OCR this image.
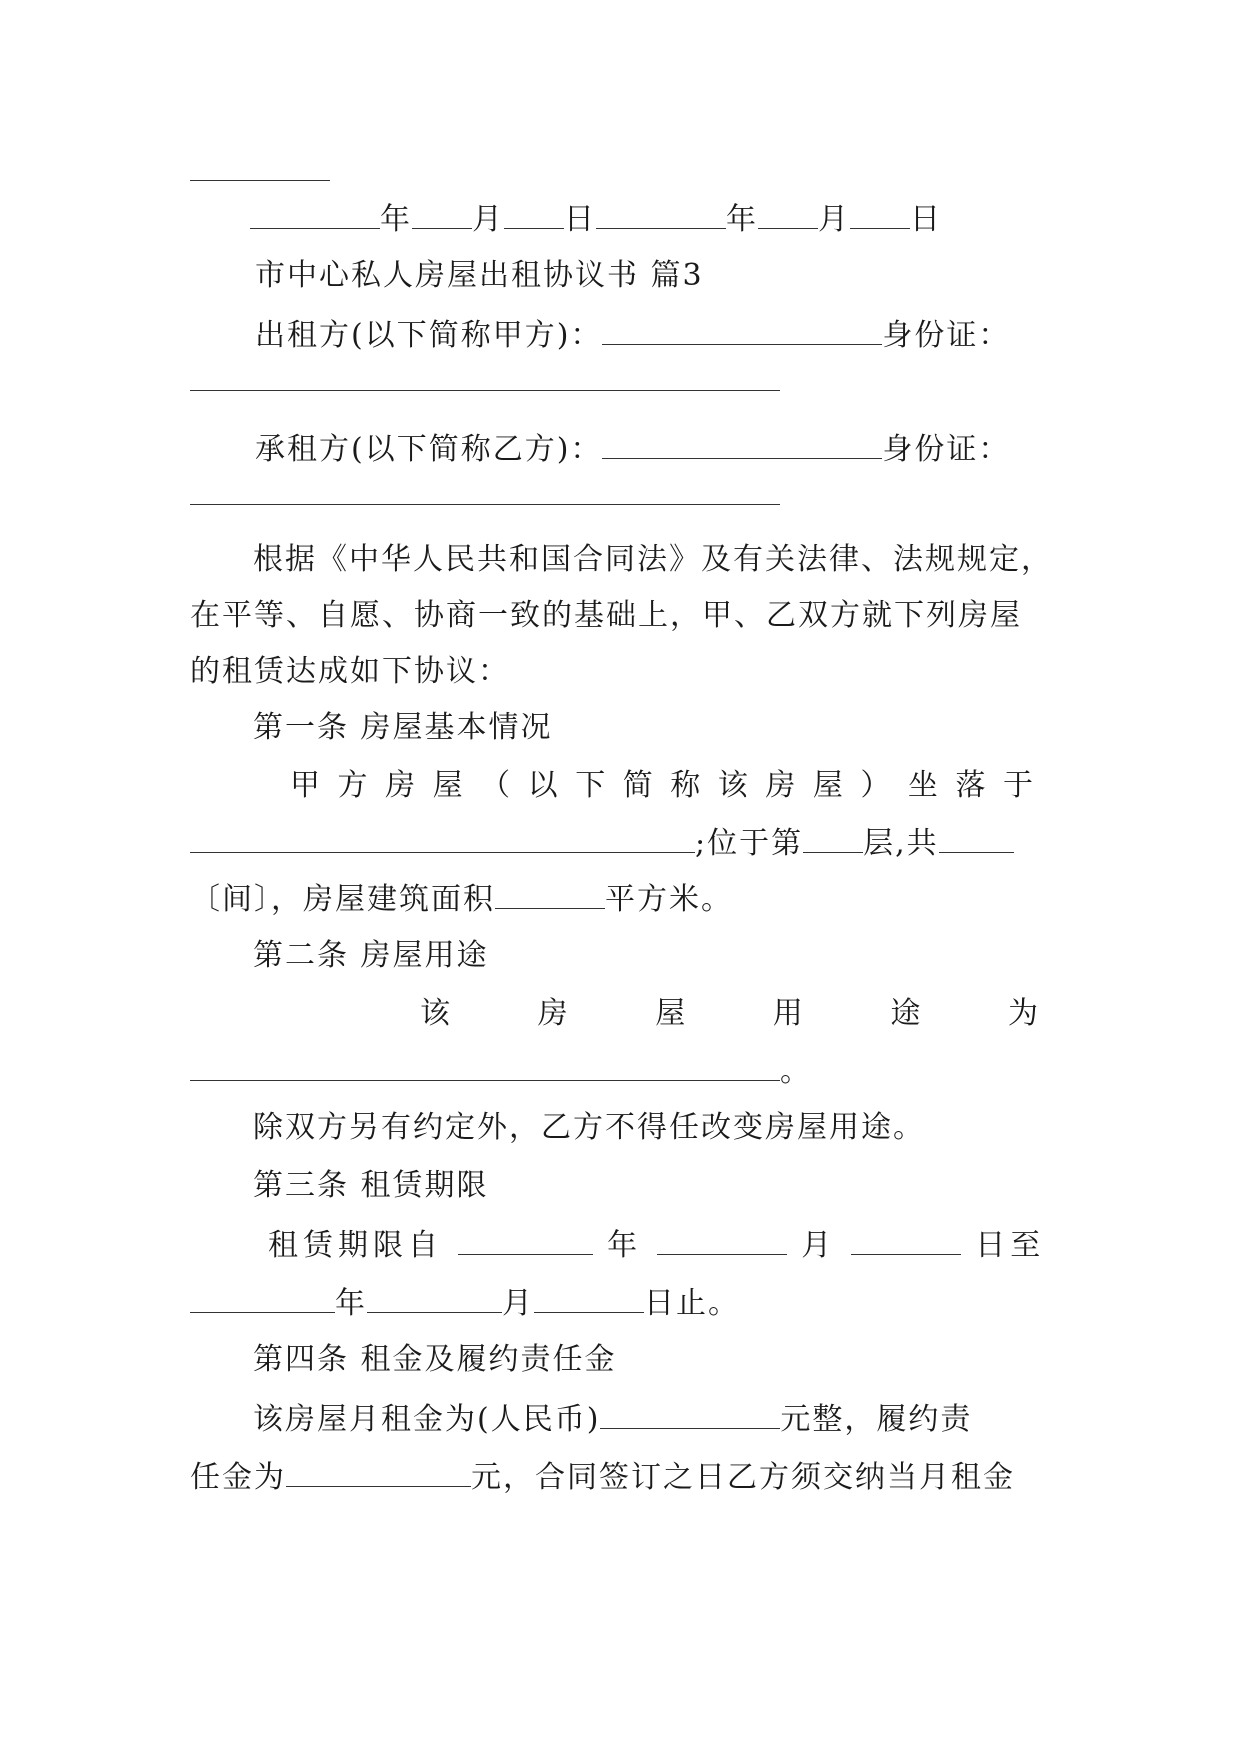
年 月 日	年 月 日
市中心私人房屋出租协议书 篇3
出租方(以下简称甲方)：	身份证：
承租方(以下简称乙方)：	身份证：
根据《中华人民共和国合同法》及有关法律、法规规定，
在平等、自愿、协商一致的基础上，甲、乙双方就下列房屋
的租赁达成如下协议：
第一条 房屋基本情况
甲 方 房 屋 （ 以 下 简 称 该 房 屋 ） 坐 落 于
;位于第 层,共
〔间〕，房屋建筑面积	平方米。
第二条 房屋用途
该	房	屋	用	途	为
。
除双方另有约定外，乙方不得任改变房屋用途。
第三条 租赁期限
租赁期限自	年	月	日至
年	月	日止。
第四条 租金及履约责任金
该房屋月租金为(人民币)	元整，履约责
任金为	元，合同签订之日乙方须交纳当月租金
